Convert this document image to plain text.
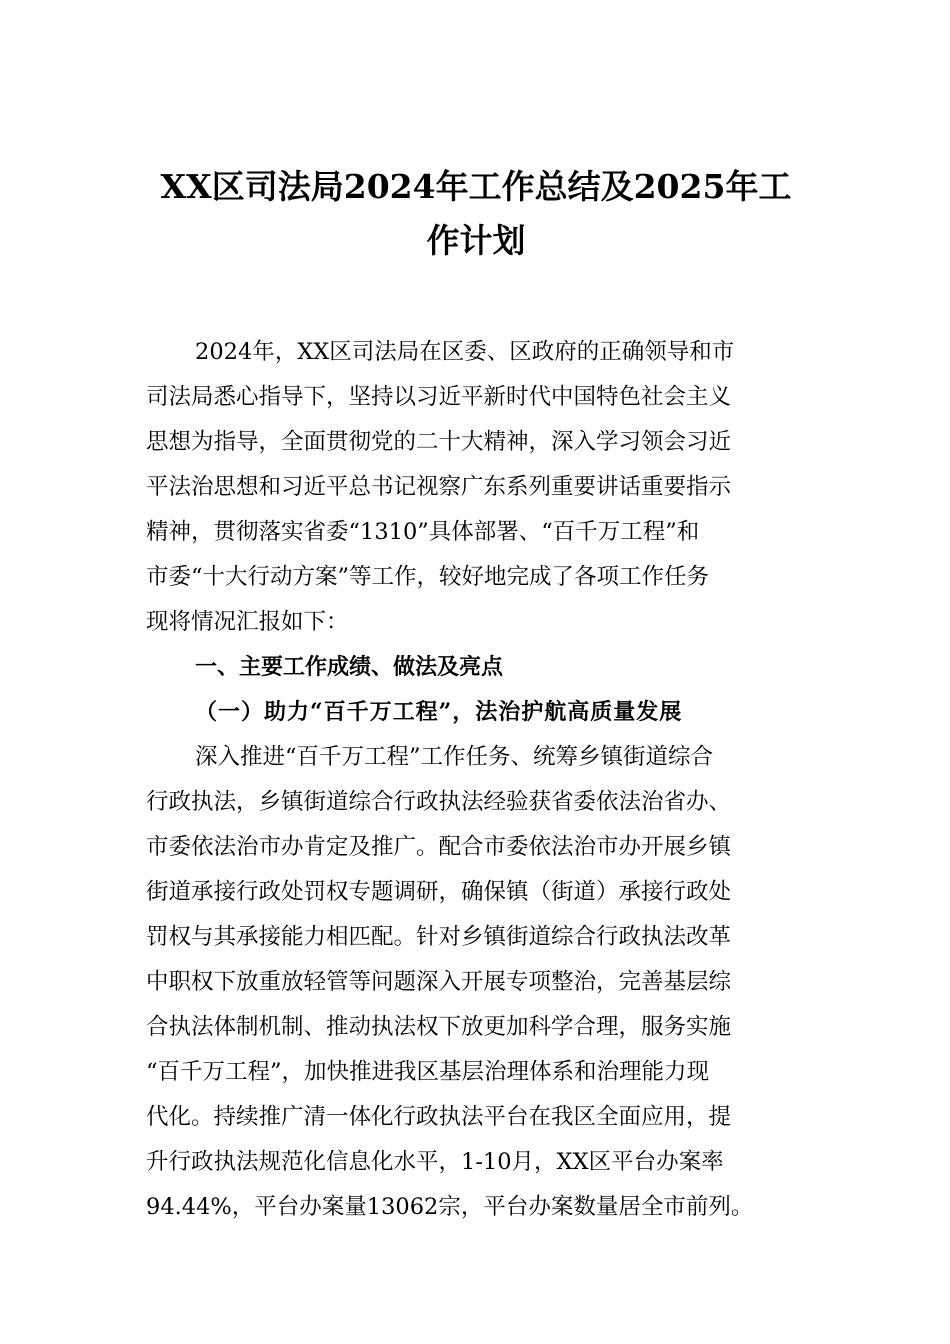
XX区司法局2024年工作总结及2025年工
作计划

2024年，XX区司法局在区委、区政府的正确领导和市
司法局悉心指导下，坚持以习近平新时代中国特色社会主义
思想为指导，全面贯彻党的二十大精神，深入学习领会习近
平法治思想和习近平总书记视察广东系列重要讲话重要指示
精神，贯彻落实省委“1310”具体部署、“百千万工程”和
市委“十大行动方案”等工作，较好地完成了各项工作任务
现将情况汇报如下：

一、主要工作成绩、做法及亮点
（一）助力“百千万工程”，法治护航高质量发展

深入推进“百千万工程”工作任务、统筹乡镇街道综合
行政执法，乡镇街道综合行政执法经验获省委依法治省办、
市委依法治市办肯定及推广。配合市委依法治市办开展乡镇
街道承接行政处罚权专题调研，确保镇（街道）承接行政处
罚权与其承接能力相匹配。针对乡镇街道综合行政执法改革
中职权下放重放轻管等问题深入开展专项整治，完善基层综
合执法体制机制、推动执法权下放更加科学合理，服务实施
“百千万工程”，加快推进我区基层治理体系和治理能力现
代化。持续推广清一体化行政执法平台在我区全面应用，提
升行政执法规范化信息化水平，1-10月，XX区平台办案率
94.44%，平台办案量13062宗，平台办案数量居全市前列。
